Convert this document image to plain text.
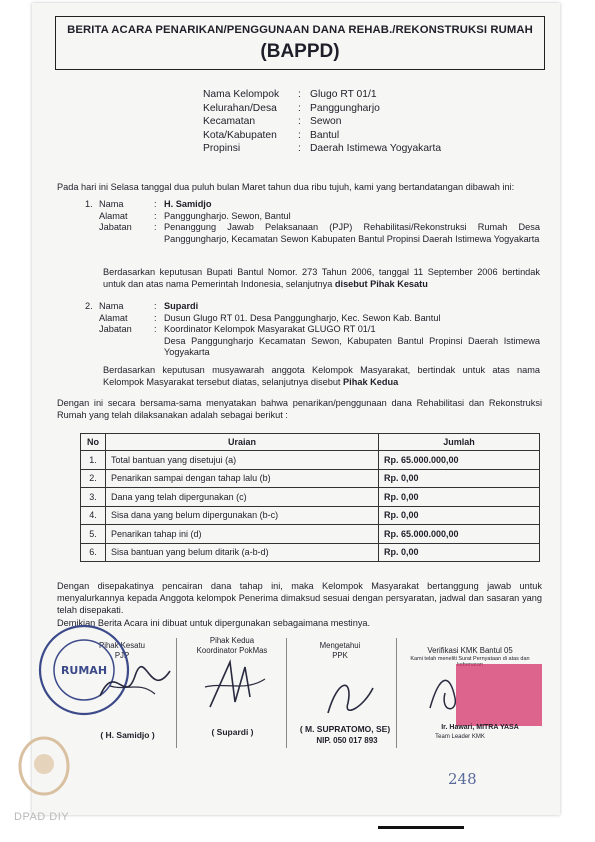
BERITA ACARA PENARIKAN/PENGGUNAAN DANA REHAB./REKONSTRUKSI RUMAH
(BAPPD)
Nama Kelompok	: Glugo RT 01/1
Kelurahan/Desa	: Panggungharjo
Kecamatan	: Sewon
Kota/Kabupaten	: Bantul
Propinsi	: Daerah Istimewa Yogyakarta
Pada hari ini Selasa tanggal dua puluh bulan Maret tahun dua ribu tujuh, kami yang bertandatangan dibawah ini:
1. Nama	: H. Samidjo
Alamat	: Panggungharjo. Sewon, Bantul
Jabatan	: Penanggung Jawab Pelaksanaan (PJP) Rehabilitasi/Rekonstruksi Rumah Desa Panggungharjo, Kecamatan Sewon Kabupaten Bantul Propinsi Daerah Istimewa Yogyakarta
Berdasarkan keputusan Bupati Bantul Nomor. 273 Tahun 2006, tanggal 11 September 2006 bertindak untuk dan atas nama Pemerintah Indonesia, selanjutnya disebut Pihak Kesatu
2. Nama	: Supardi
Alamat	: Dusun Glugo RT 01. Desa Panggungharjo, Kec. Sewon Kab. Bantul
Jabatan	: Koordinator Kelompok Masyarakat GLUGO RT 01/1
Desa Panggungharjo Kecamatan Sewon, Kabupaten Bantul Propinsi Daerah Istimewa Yogyakarta
Berdasarkan keputusan musyawarah anggota Kelompok Masyarakat, bertindak untuk atas nama Kelompok Masyarakat tersebut diatas, selanjutnya disebut Pihak Kedua
Dengan ini secara bersama-sama menyatakan bahwa penarikan/penggunaan dana Rehabilitasi dan Rekonstruksi Rumah yang telah dilaksanakan adalah sebagai berikut :
No	Uraian	Jumlah
1.	Total bantuan yang disetujui (a)	Rp. 65.000.000,00
2.	Penarikan sampai dengan tahap lalu (b)	Rp. 0,00
3.	Dana yang telah dipergunakan (c)	Rp. 0,00
4.	Sisa dana yang belum dipergunakan (b-c)	Rp. 0,00
5.	Penarikan tahap ini (d)	Rp. 65.000.000,00
6.	Sisa bantuan yang belum ditarik (a-b-d)	Rp. 0,00
Dengan disepakatinya pencairan dana tahap ini, maka Kelompok Masyarakat bertanggung jawab untuk menyalurkannya kepada Anggota kelompok Penerima dimaksud sesuai dengan persyaratan, jadwal dan sasaran yang telah disepakati.
Demikian Berita Acara ini dibuat untuk dipergunakan sebagaimana mestinya.
Pihak Kesatu
PJP
Pihak Kedua
Koordinator PokMas	Mengetahui
PPK	Verifikasi KMK Bantul 05
Kami telah meneliti Surat Pernyataan di atas dan
RUMAH
( H. Samidjo )	( Supardi )	( M. SUPRATOMO, SE)
NIP. 050 017 893
Ir. Hawari, MITRA YASA
Team Leader KMK
248
DPAD DIY
